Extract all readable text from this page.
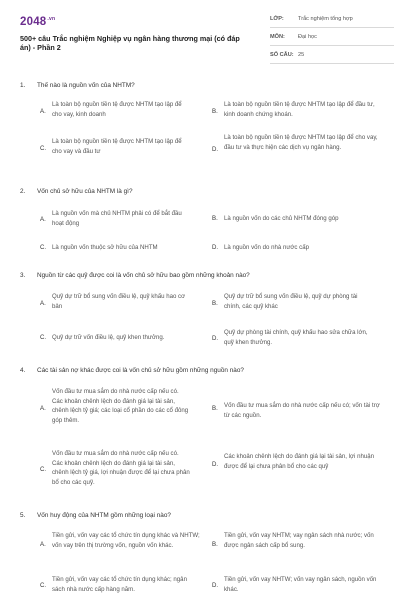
$2048^{.vn}$
500+ câu Trắc nghiệm Nghiệp vụ ngân hàng thương mại (có đáp án) - Phần 2
LỚP:	Trắc nghiệm tổng hợp
MÔN: Đại học
SỐ CÂU: 25
1. Thế nào là nguồn vốn của NHTM?
A.
Là toàn bộ nguồn tiền tệ được NHTM tạo lập để cho vay, kinh doanh	B.
Là toàn bộ nguồn tiền tệ được NHTM tạo lập để đầu tư, kinh doanh chứng khoán.
C.
Là toàn bộ nguồn tiền tệ được NHTM tạo lập để cho vay và đầu tư	D.
Là toàn bộ nguồn tiền tệ được NHTM tạo lập để cho vay, đầu tư và thực hiện các dịch vụ ngân hàng.
2. Vốn chủ sở hữu của NHTM là gì?
A.
Là nguồn vốn mà chủ NHTM phải có để bắt đầu hoạt động
B. Là nguồn vốn do các chủ NHTM đóng góp
C. Là nguồn vốn thuộc sở hữu của NHTM	D. Là nguồn vốn do nhà nước cấp
3. Nguồn từ các quỹ được coi là vốn chủ sở hữu bao gồm những khoản nào?
A.
Quỹ dự trữ bổ sung vốn điều lệ, quỹ khấu hao cơ bản	B.
Quỹ dự trữ bổ sung vốn điều lệ, quỹ dự phòng tài chính, các quỹ khác
C. Quỹ dự trữ vốn điều lệ, quỹ khen thưởng.	D.
Quỹ dự phòng tài chính, quỹ khấu hao sửa chữa lớn, quỹ khen thưởng.
4. Các tài sản nợ khác được coi là vốn chủ sở hữu gồm những nguồn nào?
A.
Vốn đầu tư mua sắm do nhà nước cấp nếu có. Các khoản chênh lệch do đánh giá lại tài sản, chênh lệch tỷ giá; các loại cổ phần do các cổ đông góp thêm.
B. Vốn đầu tư mua sắm do nhà nước cấp nếu có; vốn tài trợ từ các nguồn.
C.
Vốn đầu tư mua sắm do nhà nước cấp nếu có. Các khoản chênh lệch do đánh giá lại tài sản, chênh lệch tỷ giá, lợi nhuận được để lại chưa phân bổ cho các quỹ.
D.
Các khoản chênh lệch do đánh giá lại tài sản, lợi nhuận được để lại chưa phân bổ cho các quỹ
5. Vốn huy động của NHTM gồm những loại nào?
A.
Tiền gửi, vốn vay các tổ chức tín dụng khác và NHTW; vốn vay trên thị trường vốn, nguồn vốn khác.	B.
Tiền gửi, vốn vay NHTM; vay ngân sách nhà nước; vốn được ngân sách cấp bổ sung.
C.
Tiền gửi, vốn vay các tổ chức tín dụng khác; ngân sách nhà nước cấp hàng năm.
D.
Tiền gửi, vốn vay NHTW; vốn vay ngân sách, nguồn vốn khác.
